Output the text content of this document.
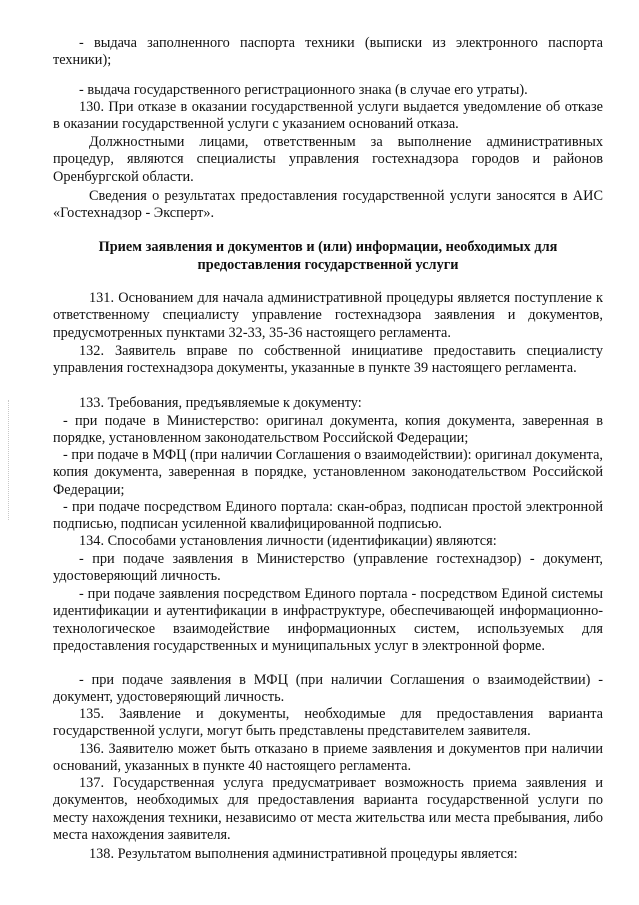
- выдача заполненного паспорта техники (выписки из электронного паспорта техники);

- выдача государственного регистрационного знака (в случае его утраты).

130. При отказе в оказании государственной услуги выдается уведомление об отказе в оказании государственной услуги с указанием оснований отказа.

Должностными лицами, ответственным за выполнение административных процедур, являются специалисты управления гостехнадзора городов и районов Оренбургской области.

Сведения о результатах предоставления государственной услуги заносятся в АИС «Гостехнадзор - Эксперт».

Прием заявления и документов и (или) информации, необходимых для предоставления государственной услуги

131. Основанием для начала административной процедуры является поступление к ответственному специалисту управление гостехнадзора заявления и документов, предусмотренных пунктами 32-33, 35-36 настоящего регламента.

132. Заявитель вправе по собственной инициативе предоставить специалисту управления гостехнадзора документы, указанные в пункте 39 настоящего регламента.

133. Требования, предъявляемые к документу:

- при подаче в Министерство: оригинал документа, копия документа, заверенная в порядке, установленном законодательством Российской Федерации;

- при подаче в МФЦ (при наличии Соглашения о взаимодействии): оригинал документа, копия документа, заверенная в порядке, установленном законодательством Российской Федерации;

- при подаче посредством Единого портала: скан-образ, подписан простой электронной подписью, подписан усиленной квалифицированной подписью.

134. Способами установления личности (идентификации) являются:

- при подаче заявления в Министерство (управление гостехнадзор) - документ, удостоверяющий личность.

- при подаче заявления посредством Единого портала - посредством Единой системы идентификации и аутентификации в инфраструктуре, обеспечивающей информационно-технологическое взаимодействие информационных систем, используемых для предоставления государственных и муниципальных услуг в электронной форме.

- при подаче заявления в МФЦ (при наличии Соглашения о взаимодействии) - документ, удостоверяющий личность.

135. Заявление и документы, необходимые для предоставления варианта государственной услуги, могут быть представлены представителем заявителя.

136. Заявителю может быть отказано в приеме заявления и документов при наличии оснований, указанных в пункте 40 настоящего регламента.

137. Государственная услуга предусматривает возможность приема заявления и документов, необходимых для предоставления варианта государственной услуги по месту нахождения техники, независимо от места жительства или места пребывания, либо места нахождения заявителя.

138. Результатом выполнения административной процедуры является:
